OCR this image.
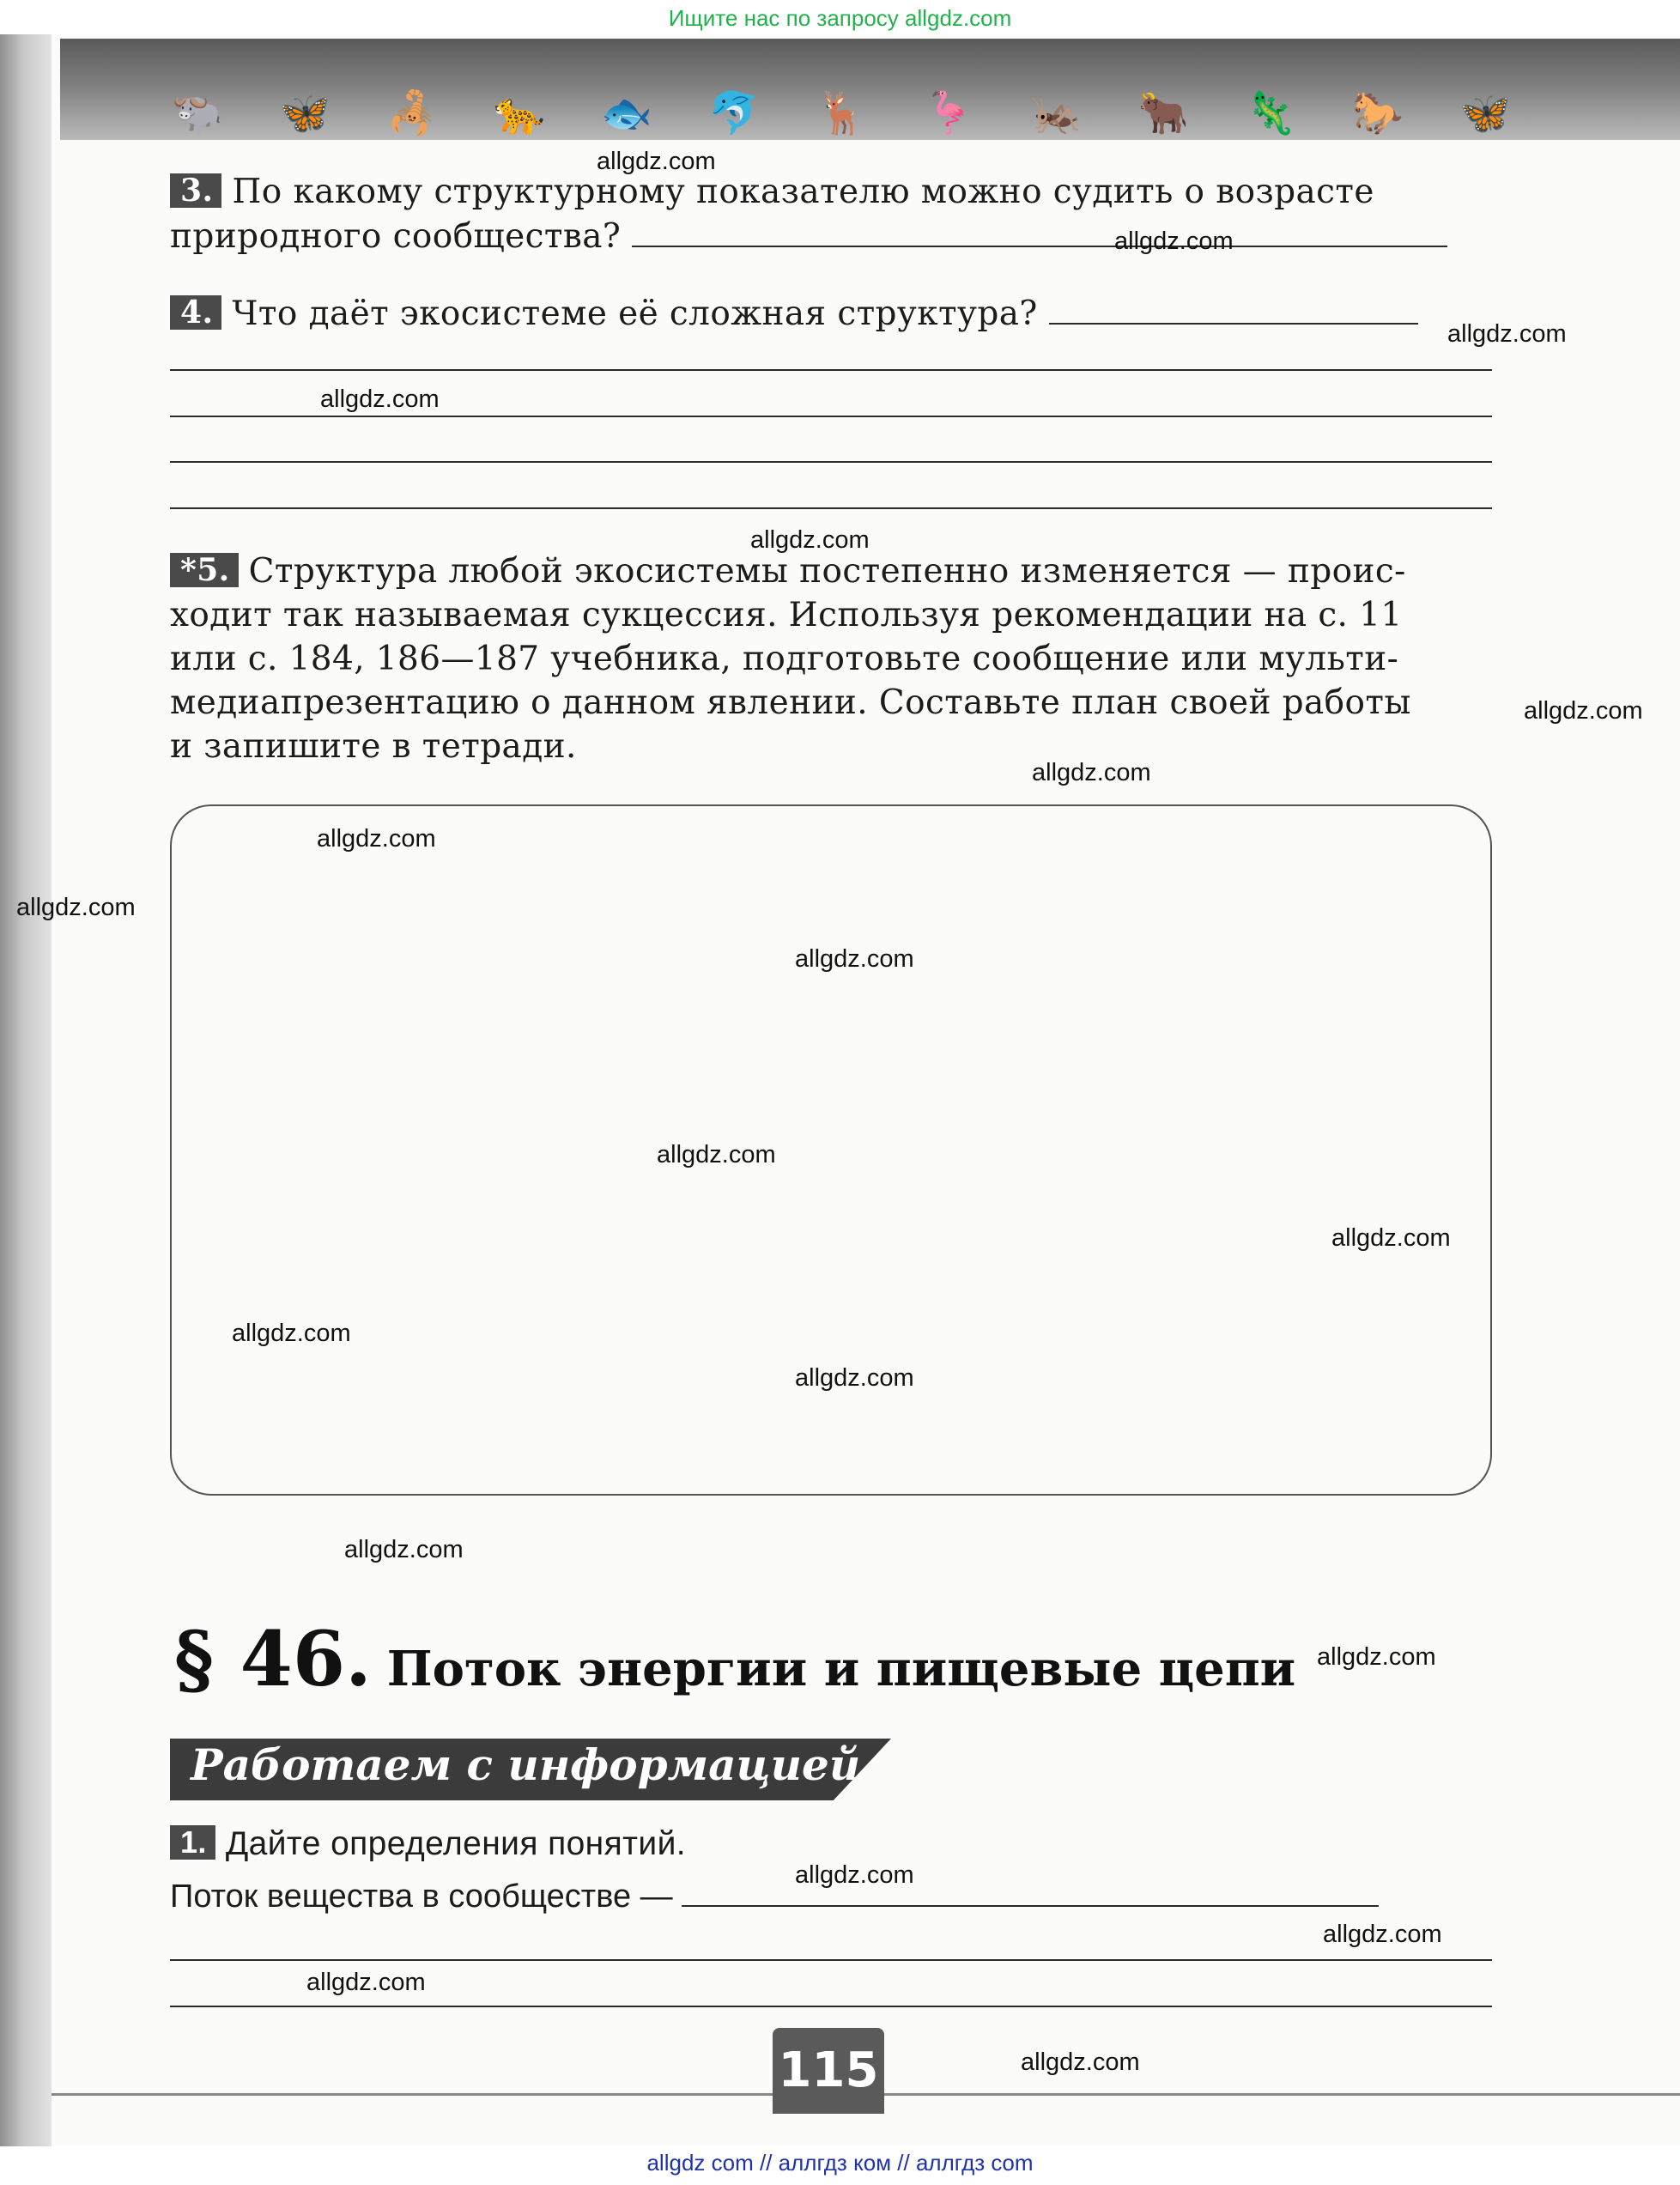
Ищите нас по запросу allgdz.com
🐃 🦋 🦂 🐆 🐟 🐬 🦌 🦩 🦗 🐂 🦎 🐎 🦋
3. По какому структурному показателю можно судить о возрасте
природного сообщества?
4. Что даёт экосистеме её сложная структура?
*5. Структура любой экосистемы постепенно изменяется — проис-
ходит так называемая сукцессия. Используя рекомендации на с. 11
или с. 184, 186—187 учебника, подготовьте сообщение или мульти-
медиапрезентацию о данном явлении. Составьте план своей работы
и запишите в тетради.
§ 46. Поток энергии и пищевые цепи
Работаем с информацией
1. Дайте определения понятий.
Поток вещества в сообществе —
115
allgdz.com
allgdz.com
allgdz.com
allgdz.com
allgdz.com
allgdz.com
allgdz.com
allgdz.com
allgdz.com
allgdz.com
allgdz.com
allgdz.com
allgdz.com
allgdz.com
allgdz.com
allgdz.com
allgdz.com
allgdz.com
allgdz.com
allgdz.com
allgdz com // аллгдз ком // аллгдз com
